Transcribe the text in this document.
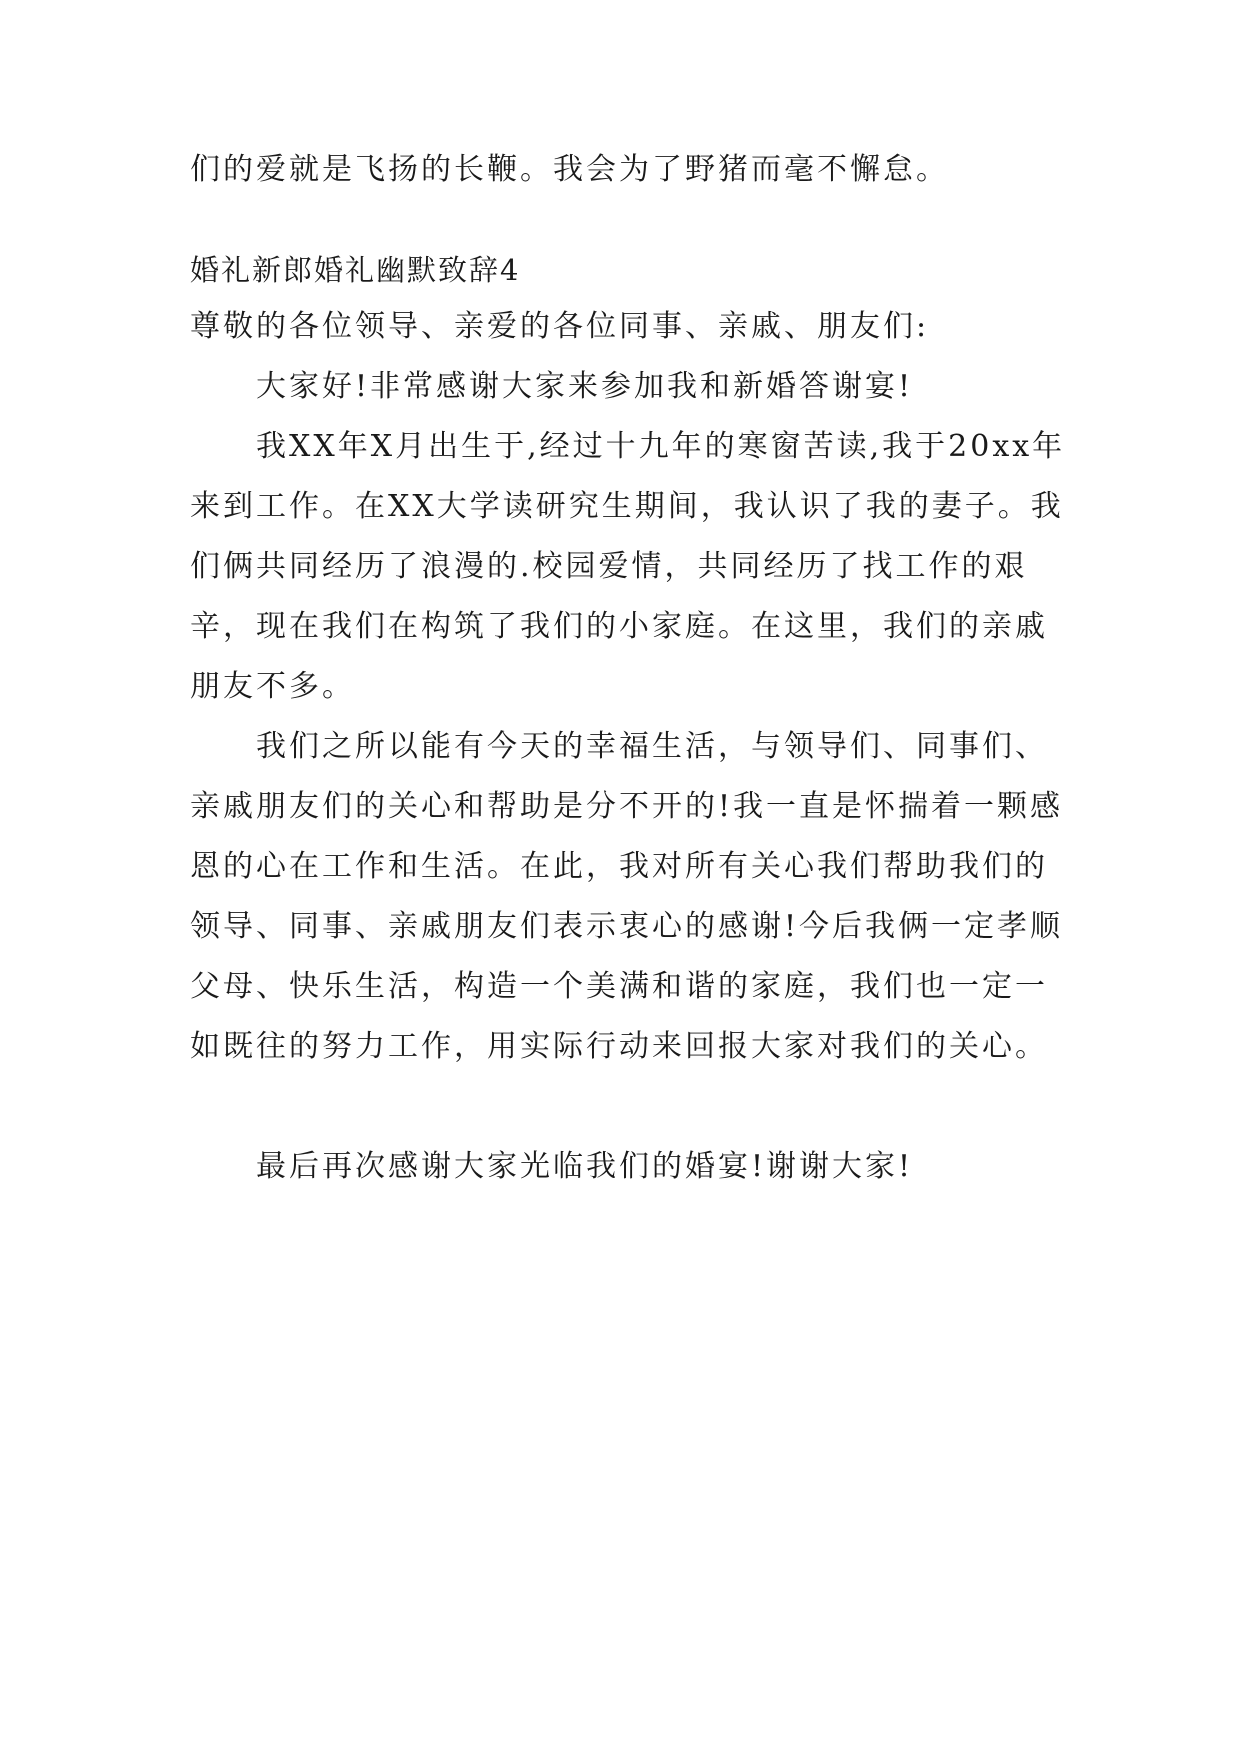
们的爱就是飞扬的长鞭。我会为了野猪而毫不懈怠。
婚礼新郎婚礼幽默致辞4
尊敬的各位领导、亲爱的各位同事、亲戚、朋友们:
大家好!非常感谢大家来参加我和新婚答谢宴!
我XX年X月出生于,经过十九年的寒窗苦读,我于20xx年来到工作。在XX大学读研究生期间，我认识了我的妻子。我们俩共同经历了浪漫的.校园爱情，共同经历了找工作的艰辛，现在我们在构筑了我们的小家庭。在这里，我们的亲戚朋友不多。
我们之所以能有今天的幸福生活，与领导们、同事们、亲戚朋友们的关心和帮助是分不开的!我一直是怀揣着一颗感恩的心在工作和生活。在此，我对所有关心我们帮助我们的领导、同事、亲戚朋友们表示衷心的感谢!今后我俩一定孝顺父母、快乐生活，构造一个美满和谐的家庭，我们也一定一如既往的努力工作，用实际行动来回报大家对我们的关心。
最后再次感谢大家光临我们的婚宴!谢谢大家!
